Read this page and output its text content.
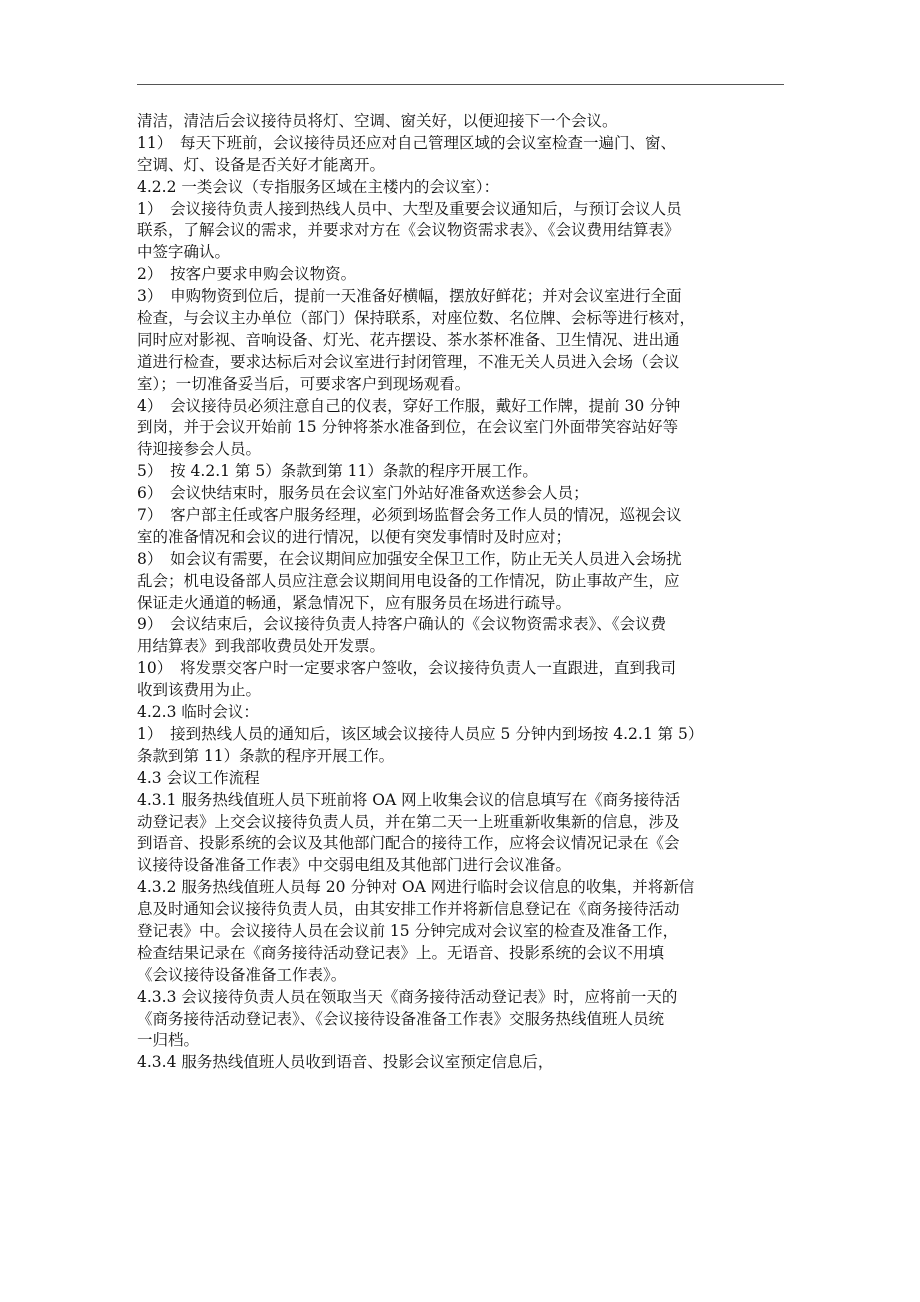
清洁，清洁后会议接待员将灯、空调、窗关好，以便迎接下一个会议。
11）　每天下班前，会议接待员还应对自己管理区域的会议室检查一遍门、窗、
空调、灯、设备是否关好才能离开。
4.2.2 一类会议（专指服务区域在主楼内的会议室）：
1）　会议接待负责人接到热线人员中、大型及重要会议通知后，与预订会议人员
联系，了解会议的需求，并要求对方在《会议物资需求表》、《会议费用结算表》
中签字确认。
2）　按客户要求申购会议物资。
3）　申购物资到位后，提前一天准备好横幅，摆放好鲜花；并对会议室进行全面
检查，与会议主办单位（部门）保持联系，对座位数、名位牌、会标等进行核对，
同时应对影视、音响设备、灯光、花卉摆设、茶水茶杯准备、卫生情况、进出通
道进行检查，要求达标后对会议室进行封闭管理，不准无关人员进入会场（会议
室）；一切准备妥当后，可要求客户到现场观看。
4）　会议接待员必须注意自己的仪表，穿好工作服，戴好工作牌，提前 30 分钟
到岗，并于会议开始前 15 分钟将茶水准备到位，在会议室门外面带笑容站好等
待迎接参会人员。
5）　按 4.2.1 第 5）条款到第 11）条款的程序开展工作。
6）　会议快结束时，服务员在会议室门外站好准备欢送参会人员；
7）　客户部主任或客户服务经理，必须到场监督会务工作人员的情况，巡视会议
室的准备情况和会议的进行情况，以便有突发事情时及时应对；
8）　如会议有需要，在会议期间应加强安全保卫工作，防止无关人员进入会场扰
乱会；机电设备部人员应注意会议期间用电设备的工作情况，防止事故产生，应
保证走火通道的畅通，紧急情况下，应有服务员在场进行疏导。
9）　会议结束后，会议接待负责人持客户确认的《会议物资需求表》、《会议费
用结算表》到我部收费员处开发票。
10）　将发票交客户时一定要求客户签收，会议接待负责人一直跟进，直到我司
收到该费用为止。
4.2.3 临时会议：
1）　接到热线人员的通知后，该区域会议接待人员应 5 分钟内到场按 4.2.1 第 5）
条款到第 11）条款的程序开展工作。
4.3 会议工作流程
4.3.1 服务热线值班人员下班前将 OA 网上收集会议的信息填写在《商务接待活
动登记表》上交会议接待负责人员，并在第二天一上班重新收集新的信息，涉及
到语音、投影系统的会议及其他部门配合的接待工作，应将会议情况记录在《会
议接待设备准备工作表》中交弱电组及其他部门进行会议准备。
4.3.2 服务热线值班人员每 20 分钟对 OA 网进行临时会议信息的收集，并将新信
息及时通知会议接待负责人员，由其安排工作并将新信息登记在《商务接待活动
登记表》中。会议接待人员在会议前 15 分钟完成对会议室的检查及准备工作，
检查结果记录在《商务接待活动登记表》上。无语音、投影系统的会议不用填
《会议接待设备准备工作表》。
4.3.3 会议接待负责人员在领取当天《商务接待活动登记表》时，应将前一天的
《商务接待活动登记表》、《会议接待设备准备工作表》交服务热线值班人员统
一归档。
4.3.4 服务热线值班人员收到语音、投影会议室预定信息后，
